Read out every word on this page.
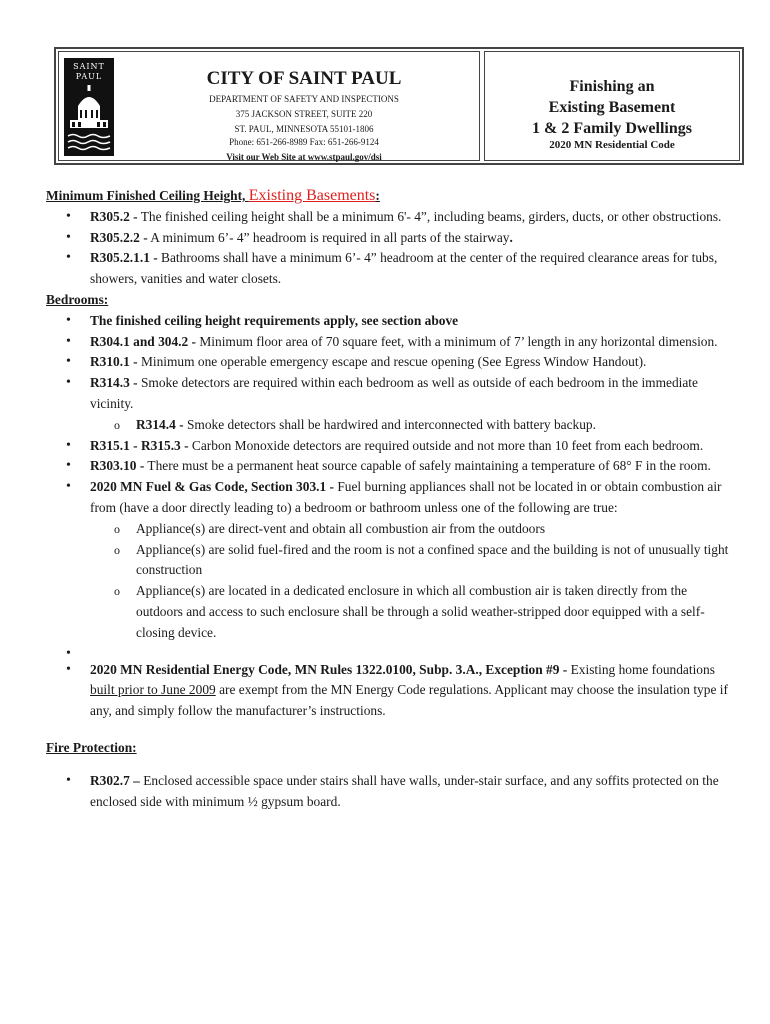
SAINT
PAUL	CITY OF SAINT PAUL
DEPARTMENT OF SAFETY AND INSPECTIONS
375 JACKSON STREET, SUITE 220
ST. PAUL, MINNESOTA 55101-1806
Phone: 651-266-8989 Fax: 651-266-9124
Visit our Web Site at www.stpaul.gov/dsi
Finishing an
Existing Basement
1 & 2 Family Dwellings
2020 MN Residential Code

Minimum Finished Ceiling Height, Existing Basements:

• R305.2 - The finished ceiling height shall be a minimum 6'- 4”, including beams, girders, ducts, or other obstructions.
• R305.2.2 - A minimum 6’- 4” headroom is required in all parts of the stairway.
• R305.2.1.1 - Bathrooms shall have a minimum 6’- 4” headroom at the center of the required clearance areas for tubs, showers, vanities and water closets.

Bedrooms:

• The finished ceiling height requirements apply, see section above
• R304.1 and 304.2 - Minimum floor area of 70 square feet, with a minimum of 7’ length in any horizontal dimension.
• R310.1 - Minimum one operable emergency escape and rescue opening (See Egress Window Handout).
• R314.3 - Smoke detectors are required within each bedroom as well as outside of each bedroom in the immediate vicinity.
o R314.4 - Smoke detectors shall be hardwired and interconnected with battery backup.
• R315.1 - R315.3 - Carbon Monoxide detectors are required outside and not more than 10 feet from each bedroom.
• R303.10 - There must be a permanent heat source capable of safely maintaining a temperature of 68° F in the room.
• 2020 MN Fuel & Gas Code, Section 303.1 - Fuel burning appliances shall not be located in or obtain combustion air from (have a door directly leading to) a bedroom or bathroom unless one of the following are true:
o Appliance(s) are direct-vent and obtain all combustion air from the outdoors
o Appliance(s) are solid fuel-fired and the room is not a confined space and the building is not of unusually tight construction
o Appliance(s) are located in a dedicated enclosure in which all combustion air is taken directly from the outdoors and access to such enclosure shall be through a solid weather-stripped door equipped with a self-closing device.
•
• 2020 MN Residential Energy Code, MN Rules 1322.0100, Subp. 3.A., Exception #9 - Existing home foundations built prior to June 2009 are exempt from the MN Energy Code regulations. Applicant may choose the insulation type if any, and simply follow the manufacturer’s instructions.

Fire Protection:

• R302.7 – Enclosed accessible space under stairs shall have walls, under-stair surface, and any soffits protected on the enclosed side with minimum ½ gypsum board.
